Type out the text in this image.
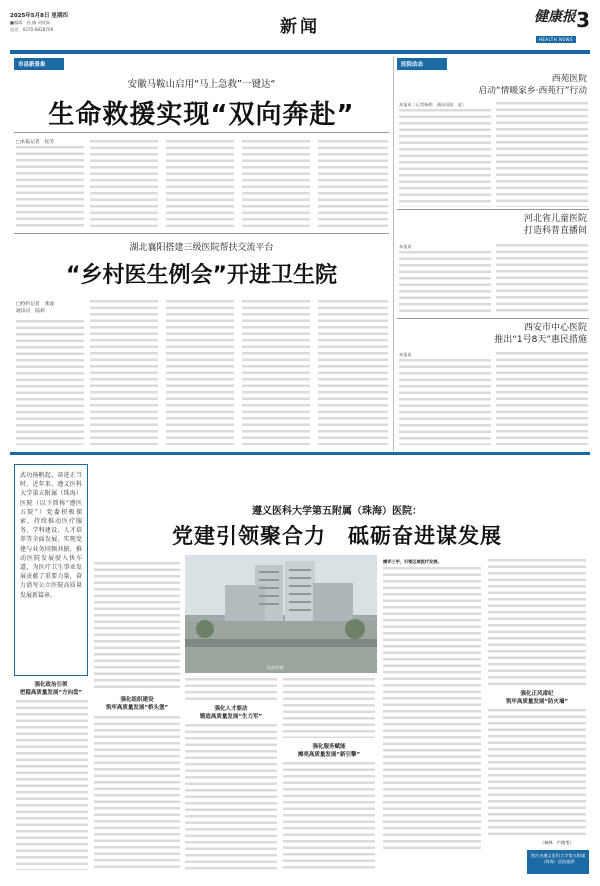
2025年5月8日 星期四
■编辑：孙 楠 刘欣茹
电话：0370-6828706	新闻	健康报
HEALTH NEWS
3
市县新景象	医院动态
安徽马鞍山启用“马上急救”一键达“
生命救援实现“双向奔赴”
□本报记者　崔芳
西苑医院
启动“情暖家乡·西苑行”行动
本报讯（记者杨朗　通讯员陈　谊）
河北省儿童医院
打造科普直播间
本报讯
西安市中心医院
推出“1号8天”惠民措施
本报讯
湖北襄阳搭建三级医院帮扶交流平台
“乡村医生例会”开进卫生院
□特约记者　龚波
通讯员　陆莉
武功扬帆起，奋进正当时。近年来，遵义医科大学第五附属（珠海）医院（以下简称“遵医五院”）党委积极探索，持续推动医疗服务、学科建设、人才培养等全面发展，实现党建与业务同频共振，推动医院发展驶入快车道，为医疗卫生事业发展贡献了重要力量，奋力谱写公立医院高质量发展新篇章。
强化政治引领
把稳高质量发展“方向盘”
遵义医科大学第五附属（珠海）医院：
党建引领聚合力　砥砺奋进谋发展
强化组织建设
筑牢高质量发展“桥头堡”
医院外景
强化人才驱动
锻造高质量发展“生力军”
强化服务赋能
擦亮高质量发展“新引擎”
横评三甲，引领区域医疗发展。
强化正风肃纪
筑牢高质量发展“防火墙”
（杨林　卢俊苇）
图片由遵义医科大学第五附属（珠海）医院提供
